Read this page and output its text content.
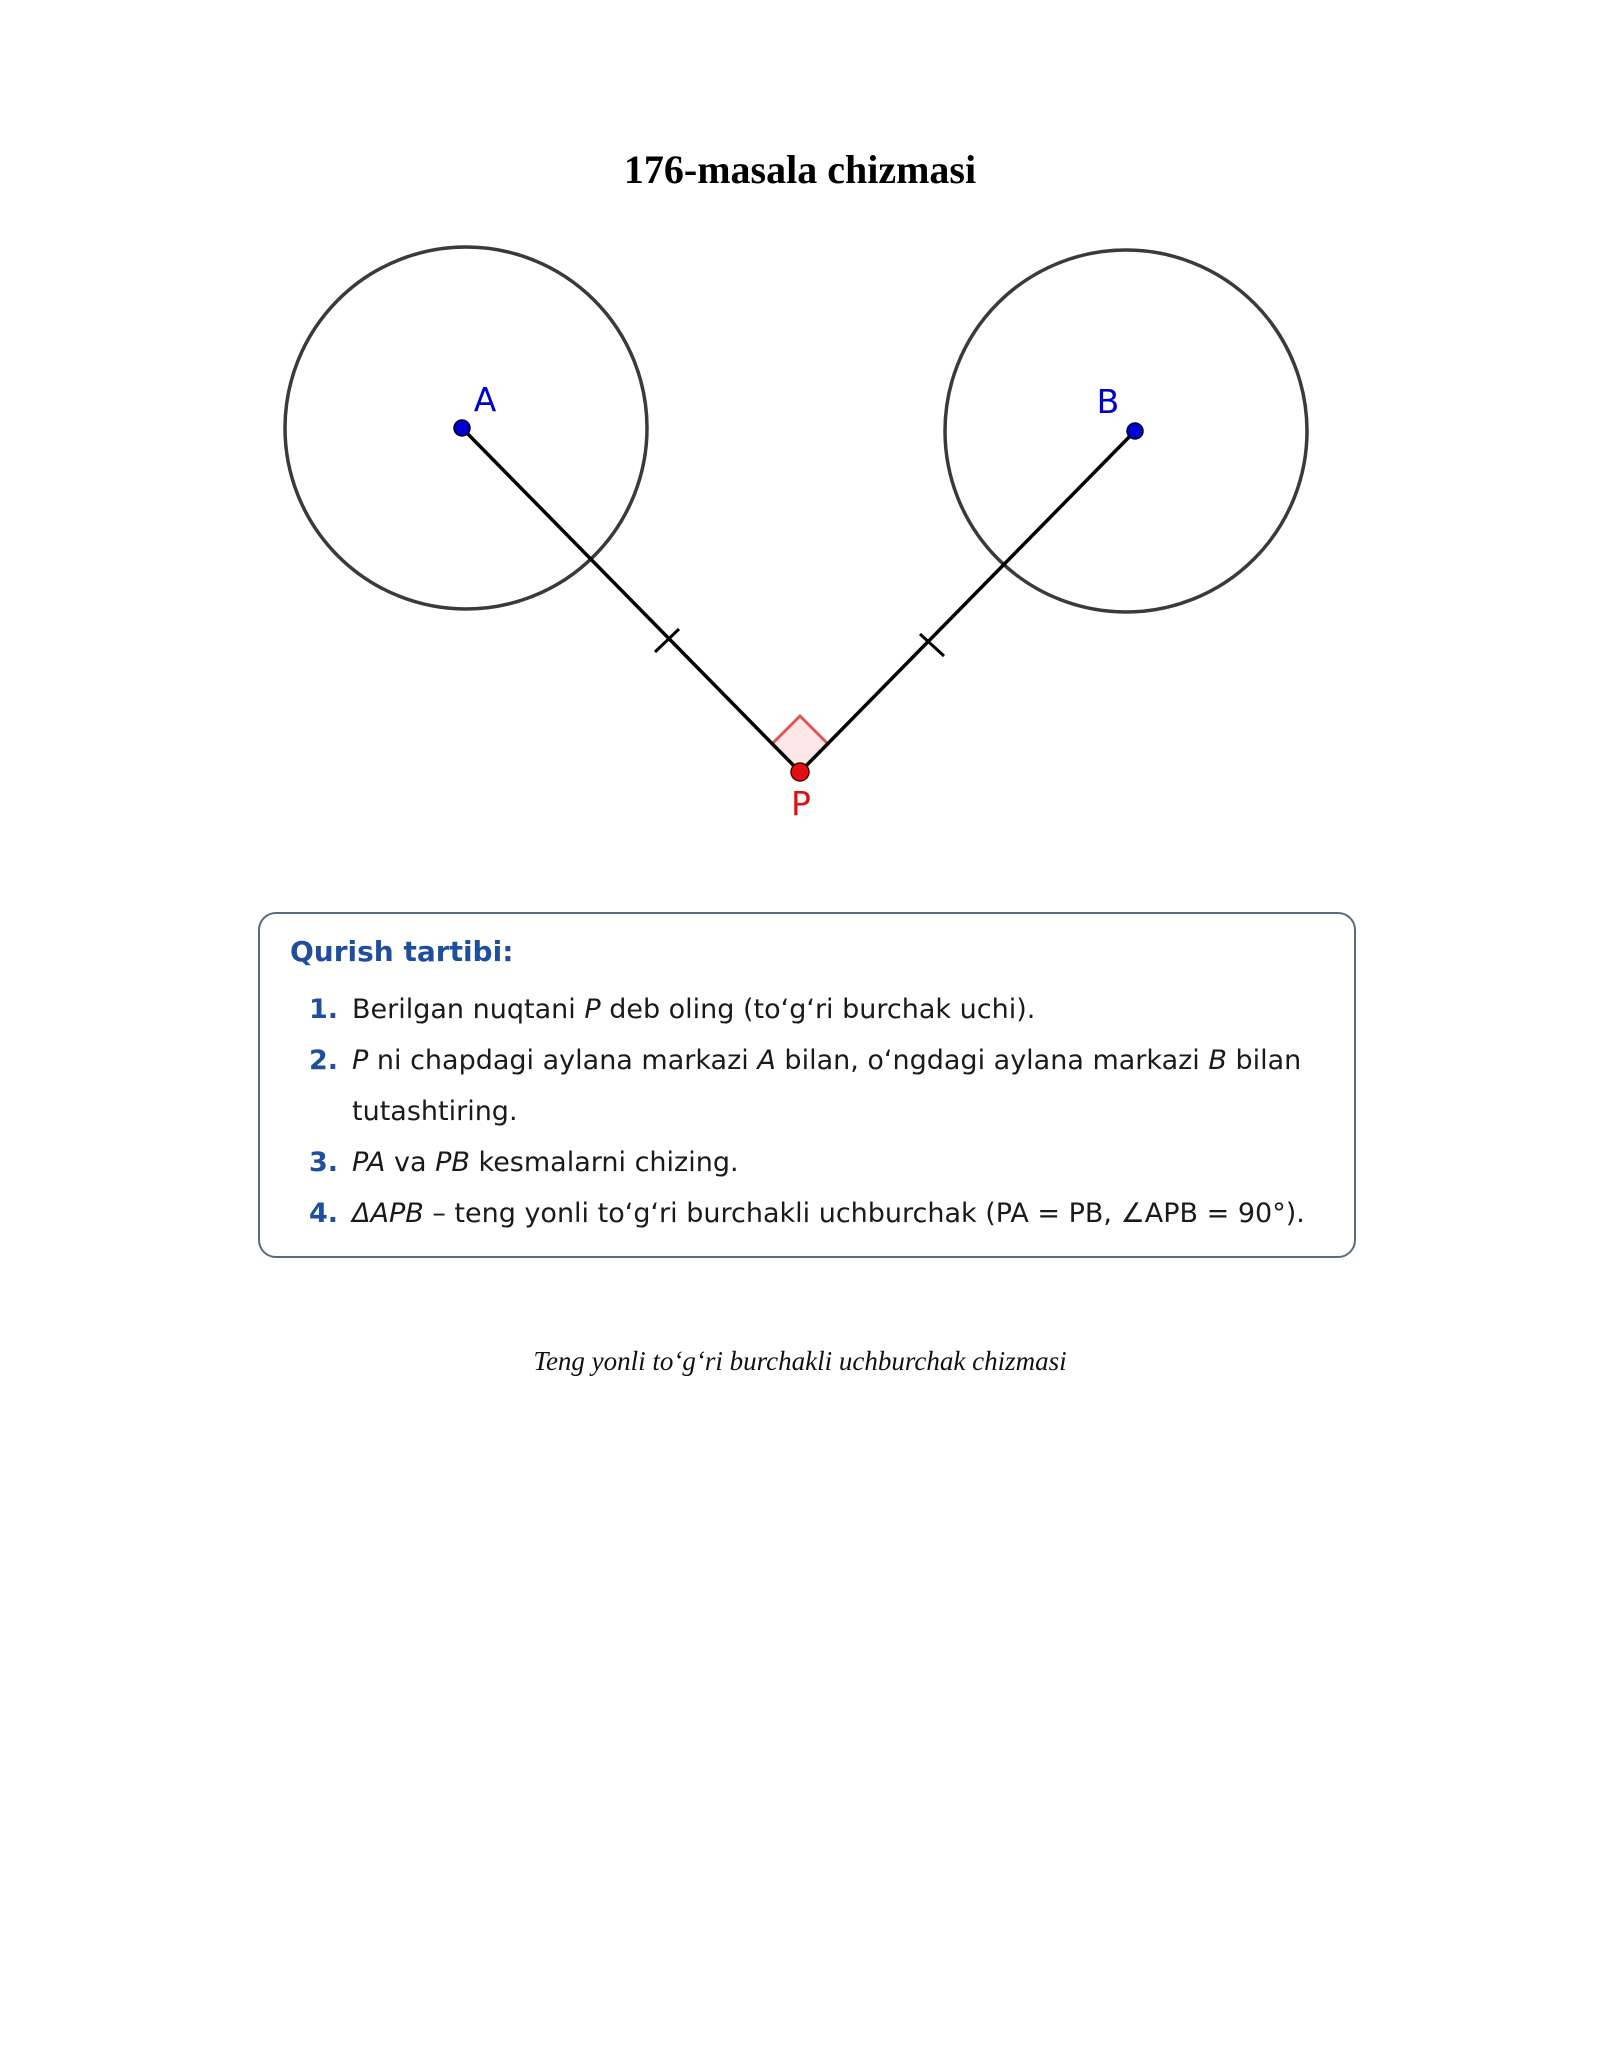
176-masala chizmasi
A	B
P

Qurish tartibi:

1. Berilgan nuqtani P deb oling (to‘g‘ri burchak uchi).
2. P ni chapdagi aylana markazi A bilan, o‘ngdagi aylana markazi B bilan tutashtiring.
3. PA va PB kesmalarni chizing.
4. ΔAPB – teng yonli to‘g‘ri burchakli uchburchak (PA = PB, ∠APB = 90°).

Teng yonli to‘g‘ri burchakli uchburchak chizmasi
